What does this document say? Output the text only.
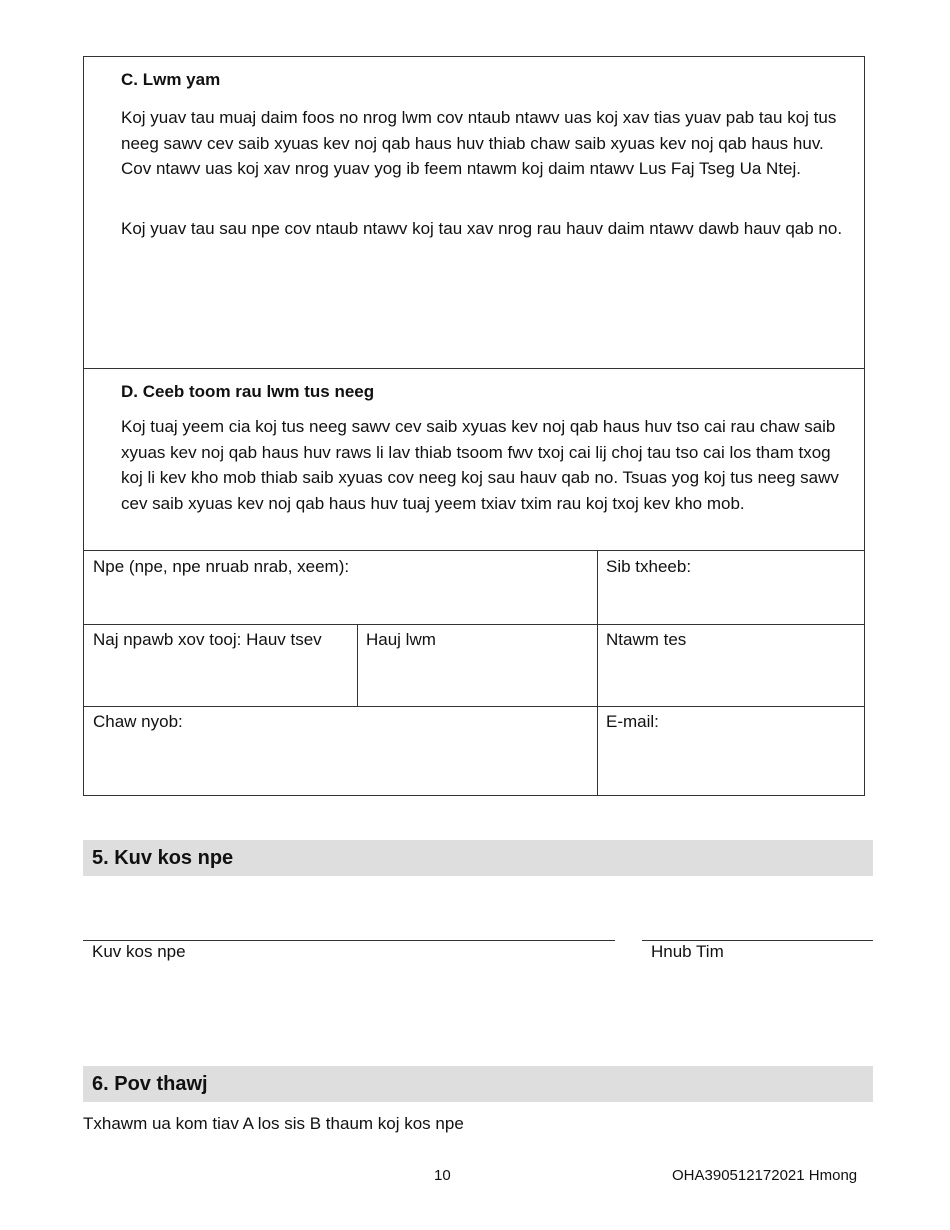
C. Lwm yam

Koj yuav tau muaj daim foos no nrog lwm cov ntaub ntawv uas koj xav tias yuav pab tau koj tus neeg sawv cev saib xyuas kev noj qab haus huv thiab chaw saib xyuas kev noj qab haus huv. Cov ntawv uas koj xav nrog yuav yog ib feem ntawm koj daim ntawv Lus Faj Tseg Ua Ntej.

Koj yuav tau sau npe cov ntaub ntawv koj tau xav nrog rau hauv daim ntawv dawb hauv qab no.

D. Ceeb toom rau lwm tus neeg

Koj tuaj yeem cia koj tus neeg sawv cev saib xyuas kev noj qab haus huv tso cai rau chaw saib xyuas kev noj qab haus huv raws li lav thiab tsoom fwv txoj cai lij choj tau tso cai los tham txog koj li kev kho mob thiab saib xyuas cov neeg koj sau hauv qab no. Tsuas yog koj tus neeg sawv cev saib xyuas kev noj qab haus huv tuaj yeem txiav txim rau koj txoj kev kho mob.

Npe (npe, npe nruab nrab, xeem):	Sib txheeb:
Naj npawb xov tooj: Hauv tsev	Hauj lwm	Ntawm tes
Chaw nyob:	E-mail:
5. Kuv kos npe
Kuv kos npe	Hnub Tim
6. Pov thawj
Txhawm ua kom tiav A los sis B thaum koj kos npe
10	OHA390512172021 Hmong
